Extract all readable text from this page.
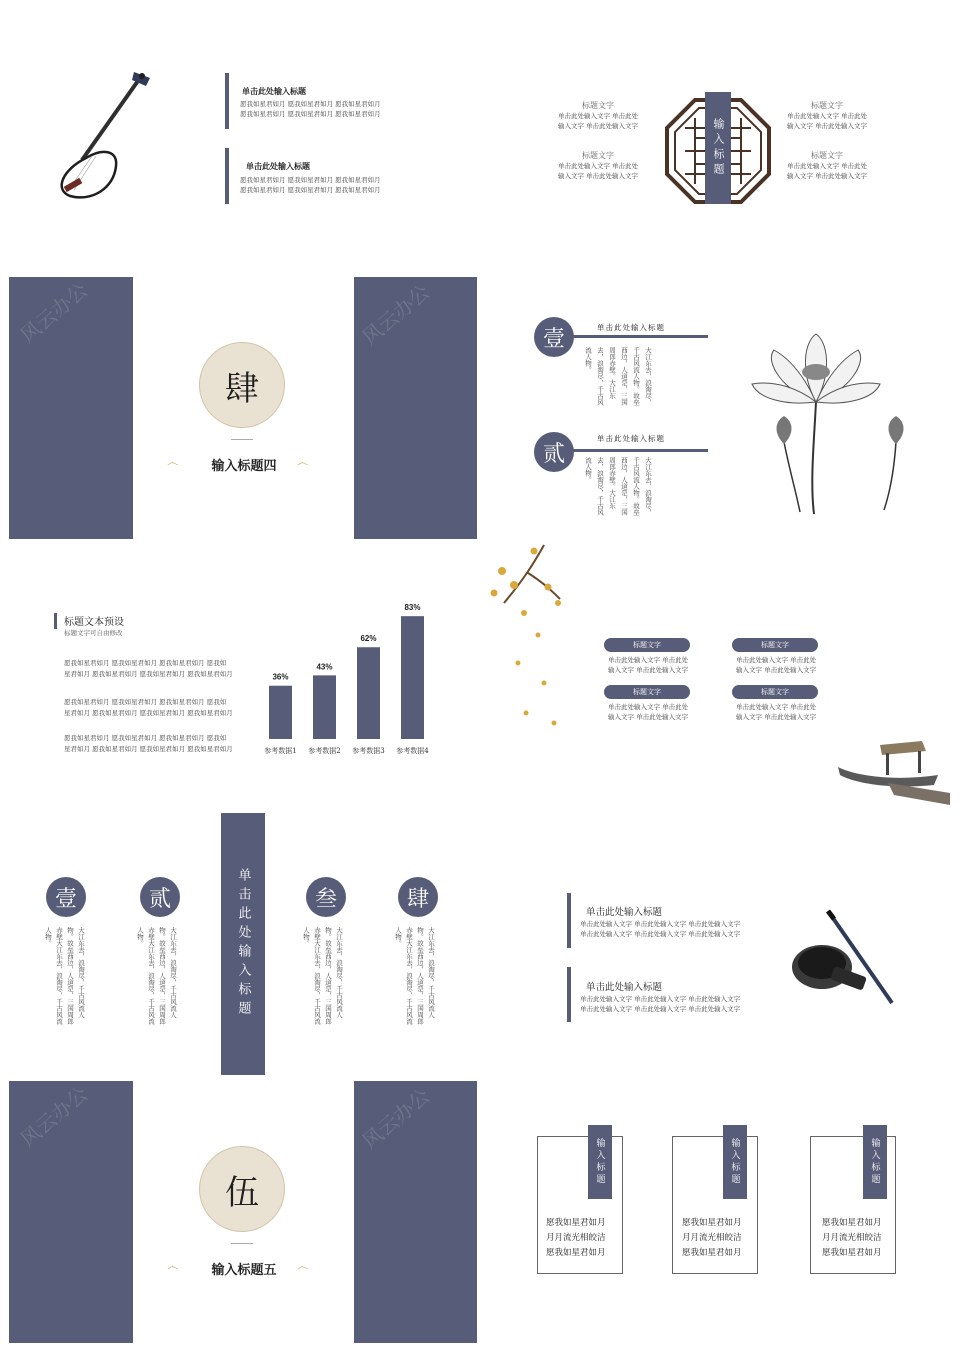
单击此处输入标题
愿我如星君如月 愿我如星君如月 愿我如星君如月
愿我如星君如月 愿我如星君如月 愿我如星君如月
单击此处输入标题
愿我如星君如月 愿我如星君如月 愿我如星君如月
愿我如星君如月 愿我如星君如月 愿我如星君如月
输入标题
标题文字
单击此处输入文字 单击此处
输入文字 单击此处输入文字
标题文字
单击此处输入文字 单击此处
输入文字 单击此处输入文字
标题文字
单击此处输入文字 单击此处
输入文字 单击此处输入文字
标题文字
单击此处输入文字 单击此处
输入文字 单击此处输入文字
风云办公	风云办公
肆
෴	输入标题四	෴
壹	单击此处输入标题
大江东去，浪淘尽，千古风流人物。故垒西边，人道是，三国周郎赤壁。大江东去，浪淘尽，千古风流人物。
贰
单击此处输入标题
大江东去，浪淘尽，千古风流人物。故垒西边，人道是，三国周郎赤壁。大江东去，浪淘尽，千古风流人物。
标题文本预设
标题文字可自由修改
愿我如星君如月 愿我如星君如月 愿我如星君如月 愿我如
星君如月 愿我如星君如月 愿我如星君如月 愿我如星君如月
愿我如星君如月 愿我如星君如月 愿我如星君如月 愿我如
星君如月 愿我如星君如月 愿我如星君如月 愿我如星君如月
愿我如星君如月 愿我如星君如月 愿我如星君如月 愿我如
星君如月 愿我如星君如月 愿我如星君如月 愿我如星君如月
36%
参考数据1
43%
参考数据2
62%
参考数据3
83%
参考数据4
标题文字
单击此处输入文字 单击此处
输入文字 单击此处输入文字
标题文字
单击此处输入文字 单击此处
输入文字 单击此处输入文字
标题文字
单击此处输入文字 单击此处
输入文字 单击此处输入文字
标题文字
单击此处输入文字 单击此处
输入文字 单击此处输入文字
单击此处输入标题
壹
大江东去，浪淘尽，千古风流人物。故垒西边，人道是，三国周郎赤壁大江东去，浪淘尽，千古风流人物。
贰
大江东去，浪淘尽，千古风流人物。故垒西边，人道是，三国周郎赤壁大江东去，浪淘尽，千古风流人物。
叁
大江东去，浪淘尽，千古风流人物。故垒西边，人道是，三国周郎赤壁大江东去，浪淘尽，千古风流人物。
肆
大江东去，浪淘尽，千古风流人物。故垒西边，人道是，三国周郎赤壁大江东去，浪淘尽，千古风流人物。
单击此处输入标题
单击此处输入文字 单击此处输入文字 单击此处输入文字
单击此处输入文字 单击此处输入文字 单击此处输入文字
单击此处输入标题
单击此处输入文字 单击此处输入文字 单击此处输入文字
单击此处输入文字 单击此处输入文字 单击此处输入文字
风云办公	风云办公
伍
෴	输入标题五	෴
输入标题
愿我如星君如月
月月流光相皎洁
愿我如星君如月
输入标题
愿我如星君如月
月月流光相皎洁
愿我如星君如月
输入标题
愿我如星君如月
月月流光相皎洁
愿我如星君如月
